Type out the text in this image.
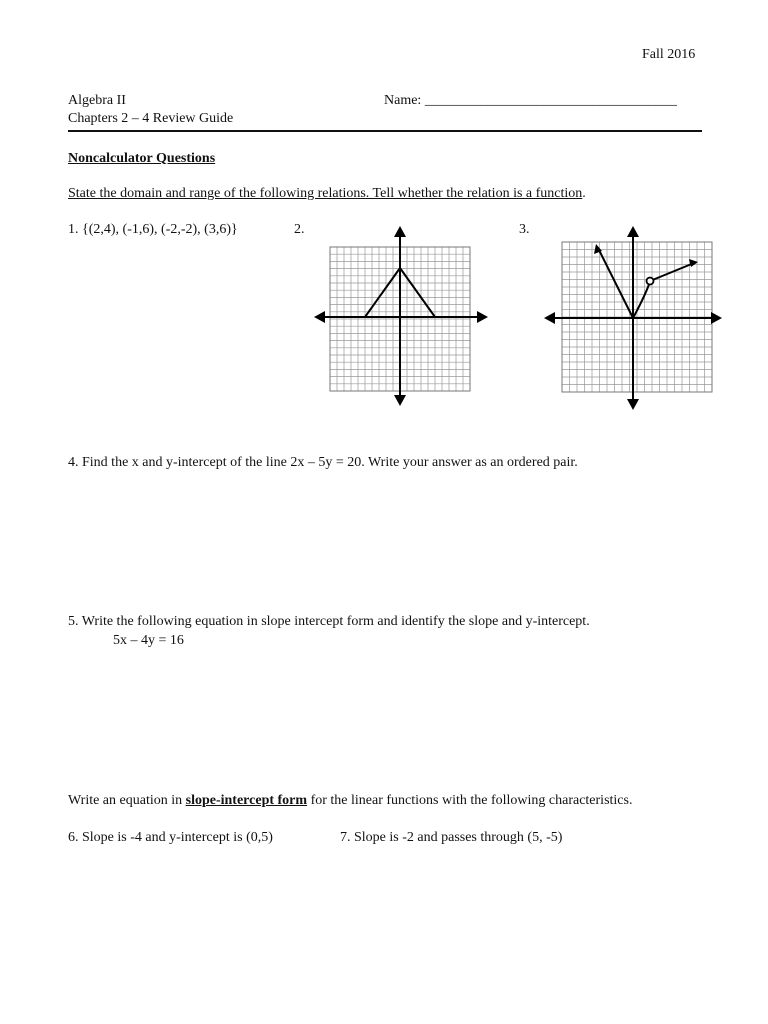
Fall 2016
Algebra II	Name: ____________________________________
Chapters 2 – 4 Review Guide
Noncalculator Questions
State the domain and range of the following relations. Tell whether the relation is a function.
1. {(2,4), (-1,6), (-2,-2), (3,6)}	2.	3.
4. Find the x and y-intercept of the line 2x – 5y = 20. Write your answer as an ordered pair.
5. Write the following equation in slope intercept form and identify the slope and y-intercept.
5x – 4y = 16
Write an equation in slope-intercept form for the linear functions with the following characteristics.
6. Slope is -4 and y-intercept is (0,5)	7. Slope is -2 and passes through (5, -5)
